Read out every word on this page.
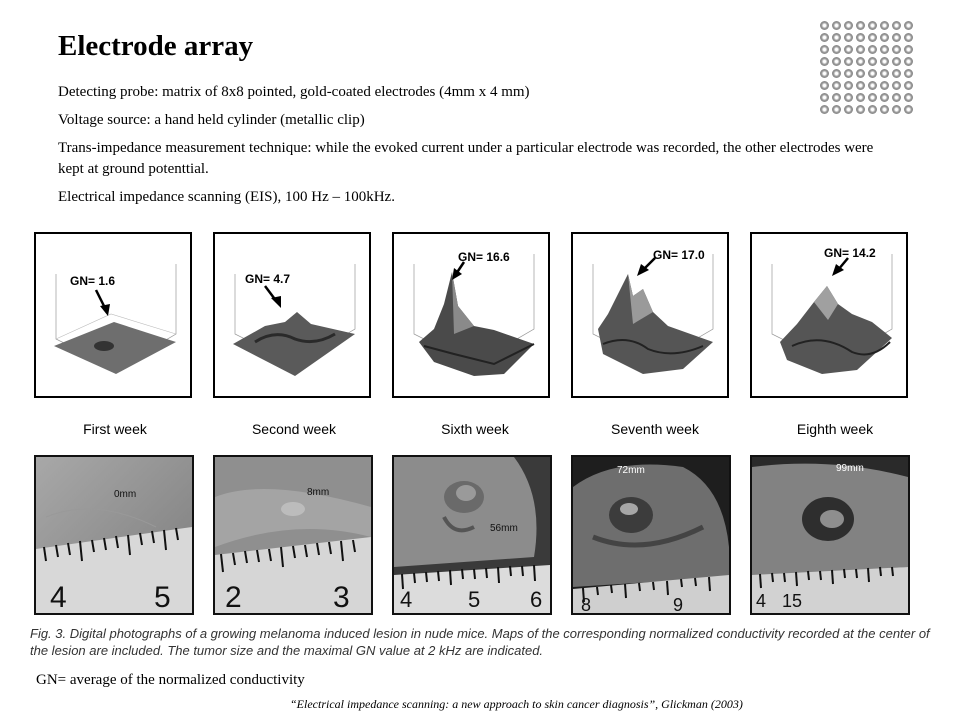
Electrode array
Detecting probe: matrix of 8x8 pointed, gold-coated electrodes (4mm x 4 mm)
Voltage source: a hand held cylinder (metallic clip)
Trans-impedance measurement technique: while the evoked current under a particular electrode was recorded, the other electrodes were kept at ground potenttial.
Electrical impedance scanning (EIS), 100 Hz – 100kHz.
GN= 1.6	GN= 4.7
GN= 16.6	GN= 17.0	GN= 14.2
First week	Second week	Sixth week	Seventh week	Eighth week
4	5
0mm
2	3
8mm
4	5 6
56mm
8	9
72mm
4 15
99mm
Fig. 3. Digital photographs of a growing melanoma induced lesion in nude mice. Maps of the corresponding normalized conductivity recorded at the center of the lesion are included. The tumor size and the maximal GN value at 2 kHz are indicated.
GN= average of the normalized conductivity
“Electrical impedance scanning: a new approach to skin cancer diagnosis”, Glickman (2003)
